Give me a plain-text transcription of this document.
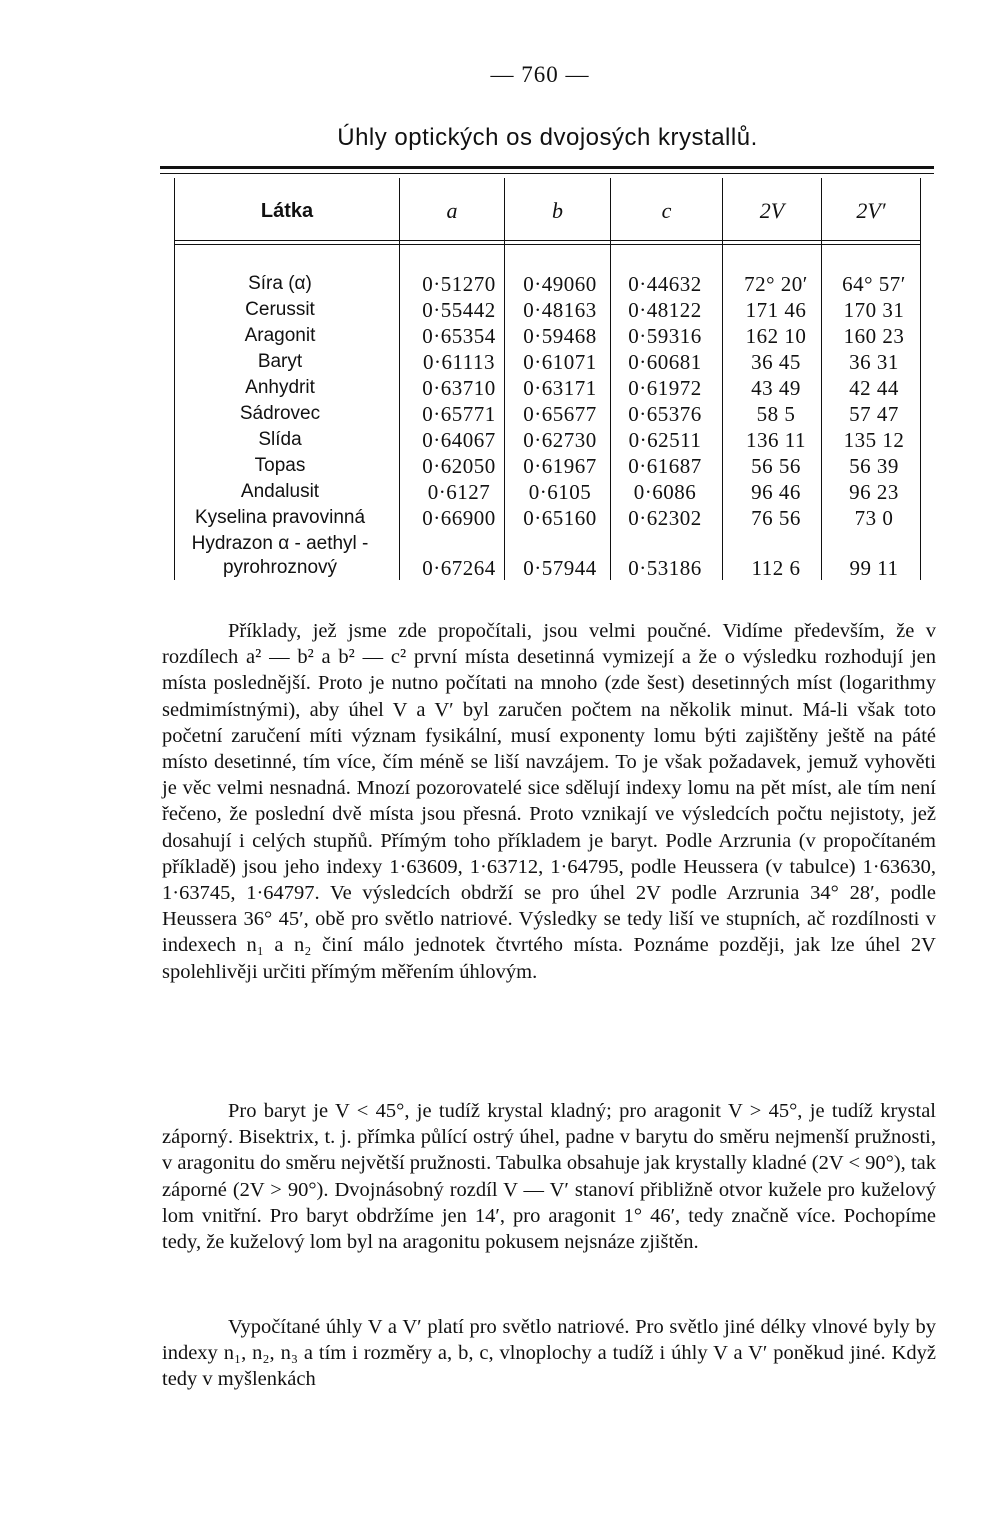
— 760 —
Úhly optických os dvojosých krystallů.
Látka	a	b	c	2V	2V′
Síra (α)	0·51270	0·49060	0·44632	72° 20′	64° 57′
Cerussit	0·55442	0·48163	0·48122	171 46	170 31
Aragonit	0·65354	0·59468	0·59316	162 10	160 23
Baryt	0·61113	0·61071	0·60681	36 45	36 31
Anhydrit	0·63710	0·63171	0·61972	43 49	42 44
Sádrovec	0·65771	0·65677	0·65376	58 5	57 47
Slída	0·64067	0·62730	0·62511	136 11	135 12
Topas	0·62050	0·61967	0·61687	56 56	56 39
Andalusit	0·6127	0·6105	0·6086	96 46	96 23
Kyselina pravovinná	0·66900	0·65160	0·62302	76 56	73 0
Hydrazon α - aethyl -
pyrohroznový	0·67264	0·57944	0·53186	112 6	99 11

Příklady, jež jsme zde propočítali, jsou velmi poučné. Vidíme především, že v rozdílech a² — b² a b² — c² první místa desetinná vymizejí a že o výsledku rozhodují jen místa poslednější. Proto je nutno počítati na mnoho (zde šest) desetinných míst (logarithmy sedmimístnými), aby úhel V a V′ byl zaručen počtem na několik minut. Má-li však toto početní zaručení míti význam fysikální, musí exponenty lomu býti zajištěny ještě na páté místo desetinné, tím více, čím méně se liší navzájem. To je však požadavek, jemuž vyhověti je věc velmi nesnadná. Mnozí pozorovatelé sice sdělují indexy lomu na pět míst, ale tím není řečeno, že poslední dvě místa jsou přesná. Proto vznikají ve výsledcích počtu nejistoty, jež dosahují i celých stupňů. Přímým toho příkladem je baryt. Podle Arzrunia (v propočítaném příkladě) jsou jeho indexy 1·63609, 1·63712, 1·64795, podle Heussera (v tabulce) 1·63630, 1·63745, 1·64797. Ve výsledcích obdrží se pro úhel 2V podle Arzrunia 34° 28′, podle Heussera 36° 45′, obě pro světlo natriové. Výsledky se tedy liší ve stupních, ač rozdílnosti v indexech n₁ a n₂ činí málo jednotek čtvrtého místa. Poznáme později, jak lze úhel 2V spolehlivěji určiti přímým měřením úhlovým.

Pro baryt je V < 45°, je tudíž krystal kladný; pro aragonit V > 45°, je tudíž krystal záporný. Bisektrix, t. j. přímka půlící ostrý úhel, padne v barytu do směru nejmenší pružnosti, v aragonitu do směru největší pružnosti. Tabulka obsahuje jak krystally kladné (2V < 90°), tak záporné (2V > 90°). Dvojnásobný rozdíl V — V′ stanoví přibližně otvor kužele pro kuželový lom vnitřní. Pro baryt obdržíme jen 14′, pro aragonit 1° 46′, tedy značně více. Pochopíme tedy, že kuželový lom byl na aragonitu pokusem nejsnáze zjištěn.

Vypočítané úhly V a V′ platí pro světlo natriové. Pro světlo jiné délky vlnové byly by indexy n₁, n₂, n₃ a tím i rozměry a, b, c, vlnoplochy a tudíž i úhly V a V′ poněkud jiné. Když tedy v myšlenkách
